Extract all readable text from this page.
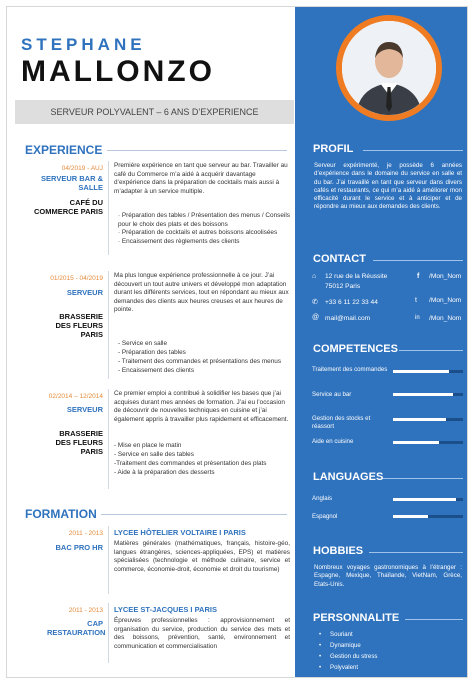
STEPHANE
MALLONZO
SERVEUR POLYVALENT – 6 ANS D’EXPERIENCE
EXPERIENCE
04/2019 - AUJ
SERVEUR BAR & SALLE
CAFÉ DU COMMERCE PARIS
Première expérience en tant que serveur au bar. Travailler au café du Commerce m’a aidé à acquérir davantage d’expérience dans la préparation de cocktails mais aussi à m’adapter à un service multiple.
· Préparation des tables / Présentation des menus / Conseils pour le choix des plats et des boissons
· Préparation de cocktails et autres boissons alcoolisées
· Encaissement des règlements des clients
01/2015 - 04/2019
SERVEUR
BRASSERIE DES FLEURS PARIS
Ma plus longue expérience professionnelle à ce jour. J’ai découvert un tout autre univers et développé mon adaptation durant les différents services, tout en répondant au mieux aux demandes des clients aux heures creuses et aux heures de pointe.
- Service en salle
- Préparation des tables
- Traitement des commandes et présentations des menus
- Encaissement des clients
02/2014 – 12/2014
SERVEUR
BRASSERIE DES FLEURS PARIS
Ce premier emploi a contribué à solidifier les bases que j’ai acquises durant mes années de formation. J’ai eu l’occasion de découvrir de nouvelles techniques en cuisine et j’ai également appris à travailler plus rapidement et efficacement.
- Mise en place le matin
- Service en salle des tables
-Traitement des commandes et présentation des plats
- Aide à la préparation des desserts
FORMATION
2011 - 2013
BAC PRO HR
LYCEE HÔTELIER VOLTAIRE I PARIS
Matières générales (mathématiques, français, histoire-géo, langues étrangères, sciences-appliquées, EPS) et matières spécialisées (technologie et méthode culinaire, service et commerce, économie-droit, économie et droit du tourisme)
2011 - 2013
CAP RESTAURATION
LYCEE ST-JACQUES I PARIS
Épreuves professionnelles : approvisionnement et organisation du service, production du service des mets et des boissons, prévention, santé, environnement et communication et commercialisation
PROFIL
Serveur expérimenté, je possède 6 années d’expérience dans le domaine du service en salle et du bar. J’ai travaillé en tant que serveur dans divers cafés et restaurants, ce qui m’a aidé à améliorer mon efficacité durant le service et à anticiper et de répondre au mieux aux demandes des clients.
CONTACT
⌂ 12 rue de la Réussite
75012 Paris
✆ +33 6 11 22 33 44
@ mail@mail.com
f /Mon_Nom
t /Mon_Nom
in /Mon_Nom
COMPETENCES
Traitement des commandes
Service au bar
Gestion des stocks et réassort
Aide en cuisine
LANGUAGES
Anglais
Espagnol
HOBBIES
Nombreux voyages gastronomiques à l’étranger : Espagne, Mexique, Thaïlande, VietNam, Grèce, Etats-Unis.
PERSONNALITE
• Souriant
• Dynamique
• Gestion du stress
• Polyvalent
